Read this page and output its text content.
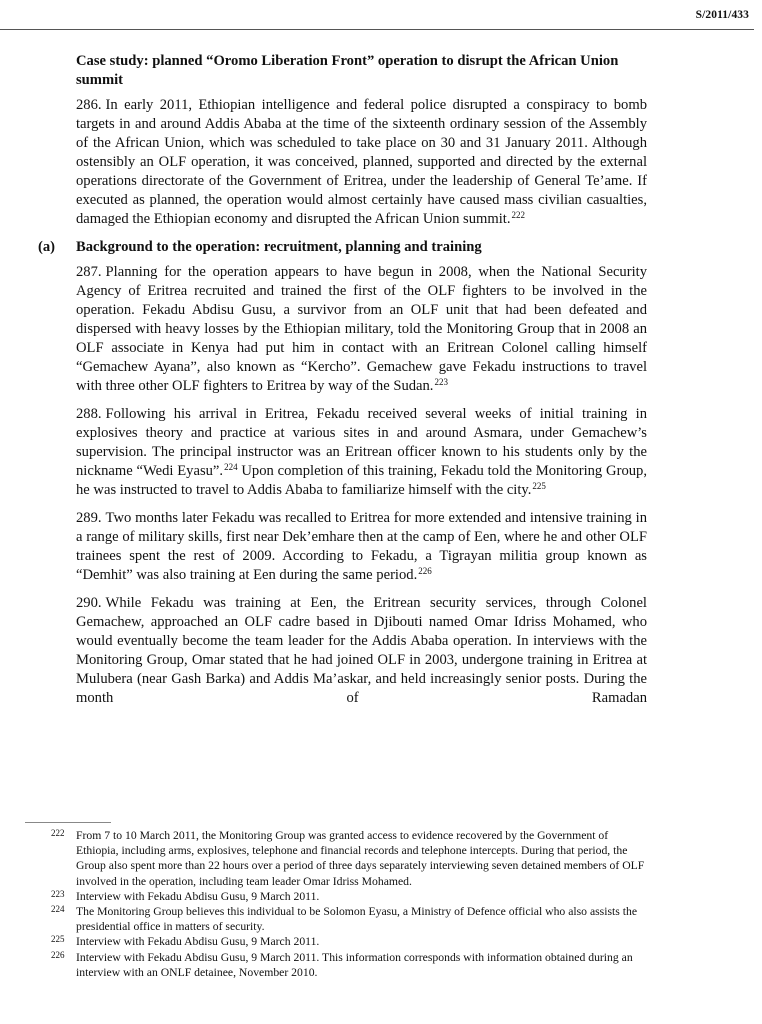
S/2011/433
Case study: planned “Oromo Liberation Front” operation to disrupt the African Union summit

286. In early 2011, Ethiopian intelligence and federal police disrupted a conspiracy to bomb targets in and around Addis Ababa at the time of the sixteenth ordinary session of the Assembly of the African Union, which was scheduled to take place on 30 and 31 January 2011. Although ostensibly an OLF operation, it was conceived, planned, supported and directed by the external operations directorate of the Government of Eritrea, under the leadership of General Te’ame. If executed as planned, the operation would almost certainly have caused mass civilian casualties, damaged the Ethiopian economy and disrupted the African Union summit.$^{222}$

(a) Background to the operation: recruitment, planning and training

287. Planning for the operation appears to have begun in 2008, when the National Security Agency of Eritrea recruited and trained the first of the OLF fighters to be involved in the operation. Fekadu Abdisu Gusu, a survivor from an OLF unit that had been defeated and dispersed with heavy losses by the Ethiopian military, told the Monitoring Group that in 2008 an OLF associate in Kenya had put him in contact with an Eritrean Colonel calling himself “Gemachew Ayana”, also known as “Kercho”. Gemachew gave Fekadu instructions to travel with three other OLF fighters to Eritrea by way of the Sudan.$^{223}$

288. Following his arrival in Eritrea, Fekadu received several weeks of initial training in explosives theory and practice at various sites in and around Asmara, under Gemachew’s supervision. The principal instructor was an Eritrean officer known to his students only by the nickname “Wedi Eyasu”.$^{224}$ Upon completion of this training, Fekadu told the Monitoring Group, he was instructed to travel to Addis Ababa to familiarize himself with the city.$^{225}$

289. Two months later Fekadu was recalled to Eritrea for more extended and intensive training in a range of military skills, first near Dek’emhare then at the camp of Een, where he and other OLF trainees spent the rest of 2009. According to Fekadu, a Tigrayan militia group known as “Demhit” was also training at Een during the same period.$^{226}$

290. While Fekadu was training at Een, the Eritrean security services, through Colonel Gemachew, approached an OLF cadre based in Djibouti named Omar Idriss Mohamed, who would eventually become the team leader for the Addis Ababa operation. In interviews with the Monitoring Group, Omar stated that he had joined OLF in 2003, undergone training in Eritrea at Mulubera (near Gash Barka) and Addis Ma’askar, and held increasingly senior posts. During the month of Ramadan

222 From 7 to 10 March 2011, the Monitoring Group was granted access to evidence recovered by the Government of Ethiopia, including arms, explosives, telephone and financial records and telephone intercepts. During that period, the Group also spent more than 22 hours over a period of three days separately interviewing seven detained members of OLF involved in the operation, including team leader Omar Idriss Mohamed.

223 Interview with Fekadu Abdisu Gusu, 9 March 2011.

224 The Monitoring Group believes this individual to be Solomon Eyasu, a Ministry of Defence official who also assists the presidential office in matters of security.

225 Interview with Fekadu Abdisu Gusu, 9 March 2011.

226 Interview with Fekadu Abdisu Gusu, 9 March 2011. This information corresponds with information obtained during an interview with an ONLF detainee, November 2010.
